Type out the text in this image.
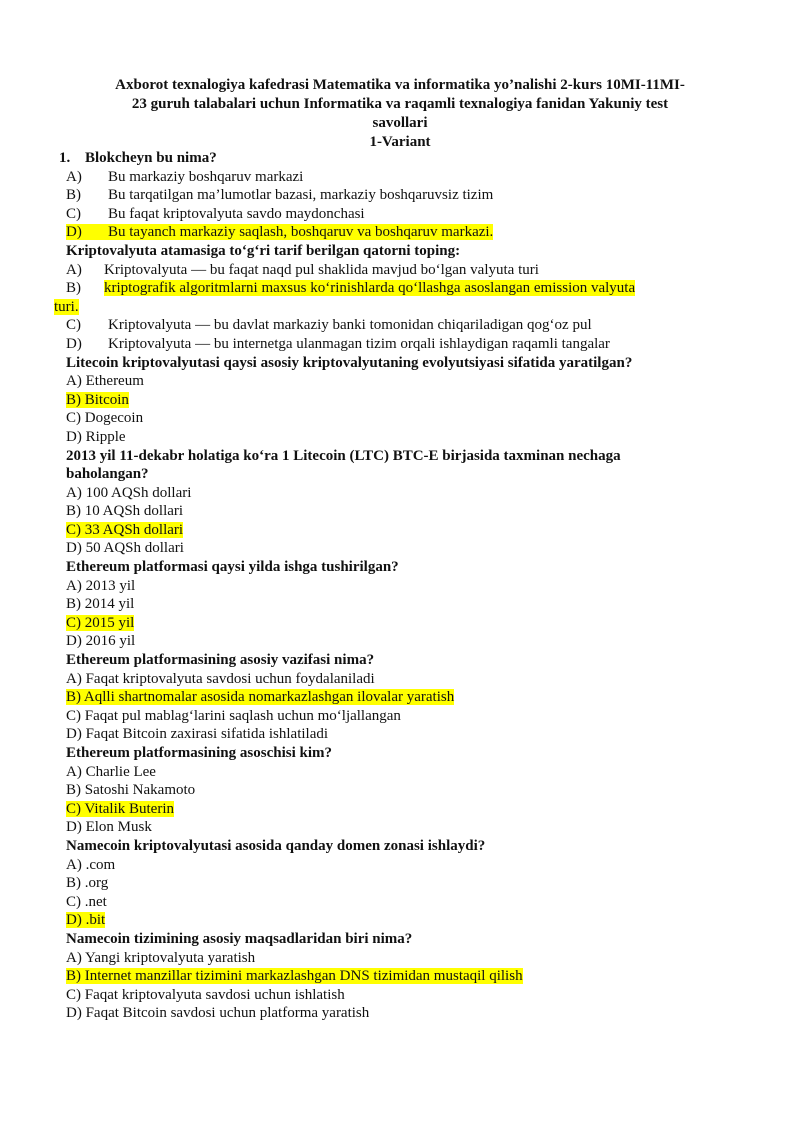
Axborot texnalogiya kafedrasi Matematika va informatika yo’nalishi 2-kurs 10MI-11MI-
23 guruh talabalari uchun Informatika va raqamli texnalogiya fanidan Yakuniy test
savollari
1-Variant
1. Blokcheyn bu nima?
A) Bu markaziy boshqaruv markazi
B) Bu tarqatilgan ma’lumotlar bazasi, markaziy boshqaruvsiz tizim
C) Bu faqat kriptovalyuta savdo maydonchasi
D) Bu tayanch markaziy saqlash, boshqaruv va boshqaruv markazi.
Kriptovalyuta atamasiga to‘g‘ri tarif berilgan qatorni toping:
A) Kriptovalyuta — bu faqat naqd pul shaklida mavjud bo‘lgan valyuta turi
B) kriptografik algoritmlarni maxsus ko‘rinishlarda qo‘llashga asoslangan emission valyuta
turi.
C) Kriptovalyuta — bu davlat markaziy banki tomonidan chiqariladigan qog‘oz pul
D) Kriptovalyuta — bu internetga ulanmagan tizim orqali ishlaydigan raqamli tangalar
Litecoin kriptovalyutasi qaysi asosiy kriptovalyutaning evolyutsiyasi sifatida yaratilgan?
A) Ethereum
B) Bitcoin
C) Dogecoin
D) Ripple
2013 yil 11-dekabr holatiga ko‘ra 1 Litecoin (LTC) BTC-E birjasida taxminan nechaga
baholangan?
A) 100 AQSh dollari
B) 10 AQSh dollari
C) 33 AQSh dollari
D) 50 AQSh dollari
Ethereum platformasi qaysi yilda ishga tushirilgan?
A) 2013 yil
B) 2014 yil
C) 2015 yil
D) 2016 yil
Ethereum platformasining asosiy vazifasi nima?
A) Faqat kriptovalyuta savdosi uchun foydalaniladi
B) Aqlli shartnomalar asosida nomarkazlashgan ilovalar yaratish
C) Faqat pul mablag‘larini saqlash uchun mo‘ljallangan
D) Faqat Bitcoin zaxirasi sifatida ishlatiladi
Ethereum platformasining asoschisi kim?
A) Charlie Lee
B) Satoshi Nakamoto
C) Vitalik Buterin
D) Elon Musk
Namecoin kriptovalyutasi asosida qanday domen zonasi ishlaydi?
A) .com
B) .org
C) .net
D) .bit
Namecoin tizimining asosiy maqsadlaridan biri nima?
A) Yangi kriptovalyuta yaratish
B) Internet manzillar tizimini markazlashgan DNS tizimidan mustaqil qilish
C) Faqat kriptovalyuta savdosi uchun ishlatish
D) Faqat Bitcoin savdosi uchun platforma yaratish
